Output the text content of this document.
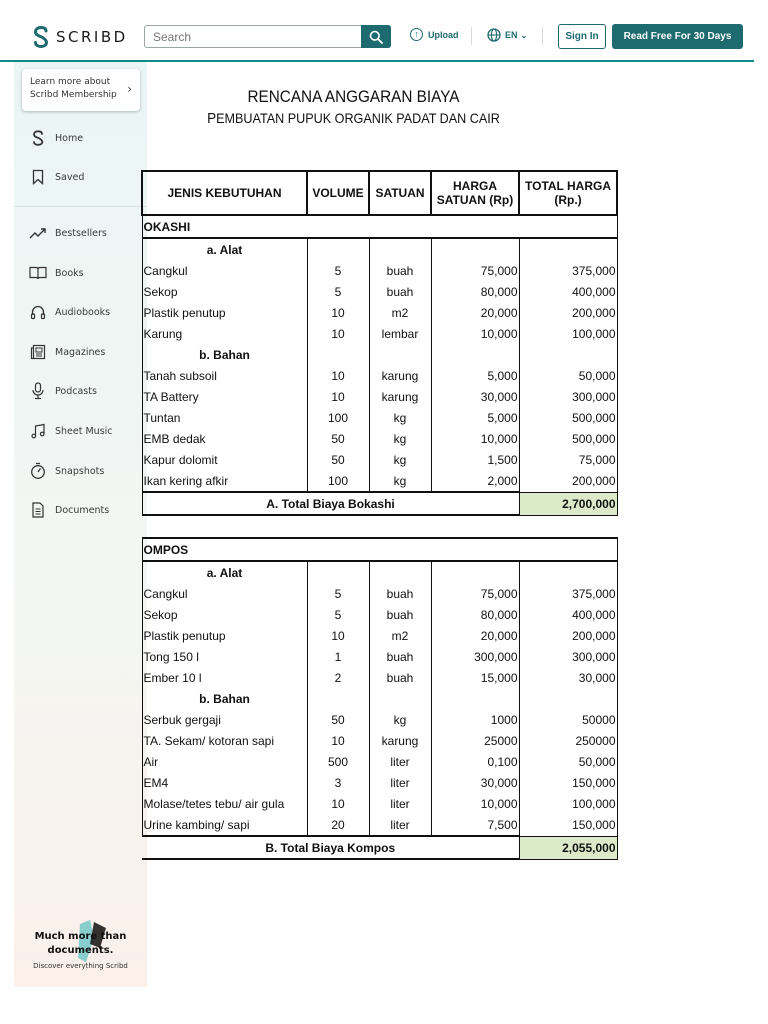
SCRIBD
Search	↑	Upload	EN ⌄	Sign In	Read Free For 30 Days
Learn more about Scribd Membership ›
Home
Saved
Bestsellers
Books
Audiobooks
Magazines
Podcasts
Sheet Music
Snapshots
Documents
Much more than documents.
Discover everything Scribd
RENCANA ANGGARAN BIAYA
PEMBUATAN PUPUK ORGANIK PADAT DAN CAIR
JENIS KEBUTUHAN	VOLUME	SATUAN	HARGA SATUAN (Rp)	TOTAL HARGA (Rp.)
OKASHI				
a. Alat				
Cangkul	5	buah	75,000	375,000
Sekop	5	buah	80,000	400,000
Plastik penutup	10	m2	20,000	200,000
Karung	10	lembar	10,000	100,000
b. Bahan				
Tanah subsoil	10	karung	5,000	50,000
TA Battery	10	karung	30,000	300,000
Tuntan	100	kg	5,000	500,000
EMB dedak	50	kg	10,000	500,000
Kapur dolomit	50	kg	1,500	75,000
Ikan kering afkir	100	kg	2,000	200,000
A. Total Biaya Bokashi				2,700,000

OMPOS				
a. Alat				
Cangkul	5	buah	75,000	375,000
Sekop	5	buah	80,000	400,000
Plastik penutup	10	m2	20,000	200,000
Tong 150 l	1	buah	300,000	300,000
Ember 10 l	2	buah	15,000	30,000
b. Bahan				
Serbuk gergaji	50	kg	1000	50000
TA. Sekam/ kotoran sapi	10	karung	25000	250000
Air	500	liter	0,100	50,000
EM4	3	liter	30,000	150,000
Molase/tetes tebu/ air gula	10	liter	10,000	100,000
Urine kambing/ sapi	20	liter	7,500	150,000
B. Total Biaya Kompos				2,055,000
